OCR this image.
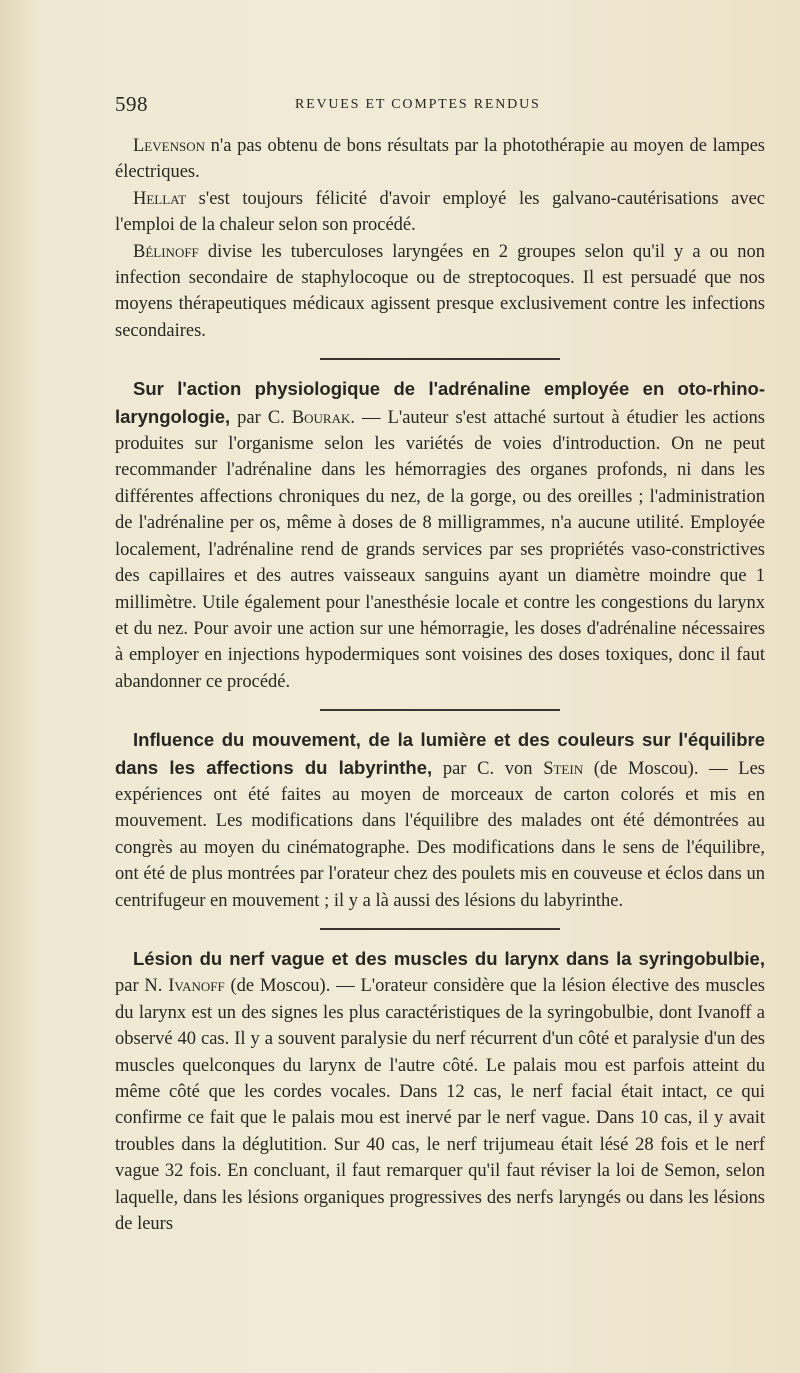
598	REVUES ET COMPTES RENDUS

Levenson n'a pas obtenu de bons résultats par la photothérapie au moyen de lampes électriques.

Hellat s'est toujours félicité d'avoir employé les galvano-cautérisations avec l'emploi de la chaleur selon son procédé.

Bélinoff divise les tuberculoses laryngées en 2 groupes selon qu'il y a ou non infection secondaire de staphylocoque ou de streptocoques. Il est persuadé que nos moyens thérapeutiques médicaux agissent presque exclusivement contre les infections secondaires.

Sur l'action physiologique de l'adrénaline employée en oto-rhino-laryngologie, par C. Bourak. — L'auteur s'est attaché surtout à étudier les actions produites sur l'organisme selon les variétés de voies d'introduction. On ne peut recommander l'adrénaline dans les hémorragies des organes profonds, ni dans les différentes affections chroniques du nez, de la gorge, ou des oreilles ; l'administration de l'adrénaline per os, même à doses de 8 milligrammes, n'a aucune utilité. Employée localement, l'adrénaline rend de grands services par ses propriétés vaso-constrictives des capillaires et des autres vaisseaux sanguins ayant un diamètre moindre que 1 millimètre. Utile également pour l'anesthésie locale et contre les congestions du larynx et du nez. Pour avoir une action sur une hémorragie, les doses d'adrénaline nécessaires à employer en injections hypodermiques sont voisines des doses toxiques, donc il faut abandonner ce procédé.

Influence du mouvement, de la lumière et des couleurs sur l'équilibre dans les affections du labyrinthe, par C. von Stein (de Moscou). — Les expériences ont été faites au moyen de morceaux de carton colorés et mis en mouvement. Les modifications dans l'équilibre des malades ont été démontrées au congrès au moyen du cinématographe. Des modifications dans le sens de l'équilibre, ont été de plus montrées par l'orateur chez des poulets mis en couveuse et éclos dans un centrifugeur en mouvement ; il y a là aussi des lésions du labyrinthe.

Lésion du nerf vague et des muscles du larynx dans la syringobulbie, par N. Ivanoff (de Moscou). — L'orateur considère que la lésion élective des muscles du larynx est un des signes les plus caractéristiques de la syringobulbie, dont Ivanoff a observé 40 cas. Il y a souvent paralysie du nerf récurrent d'un côté et paralysie d'un des muscles quelconques du larynx de l'autre côté. Le palais mou est parfois atteint du même côté que les cordes vocales. Dans 12 cas, le nerf facial était intact, ce qui confirme ce fait que le palais mou est inervé par le nerf vague. Dans 10 cas, il y avait troubles dans la déglutition. Sur 40 cas, le nerf trijumeau était lésé 28 fois et le nerf vague 32 fois. En concluant, il faut remarquer qu'il faut réviser la loi de Semon, selon laquelle, dans les lésions organiques progressives des nerfs laryngés ou dans les lésions de leurs
